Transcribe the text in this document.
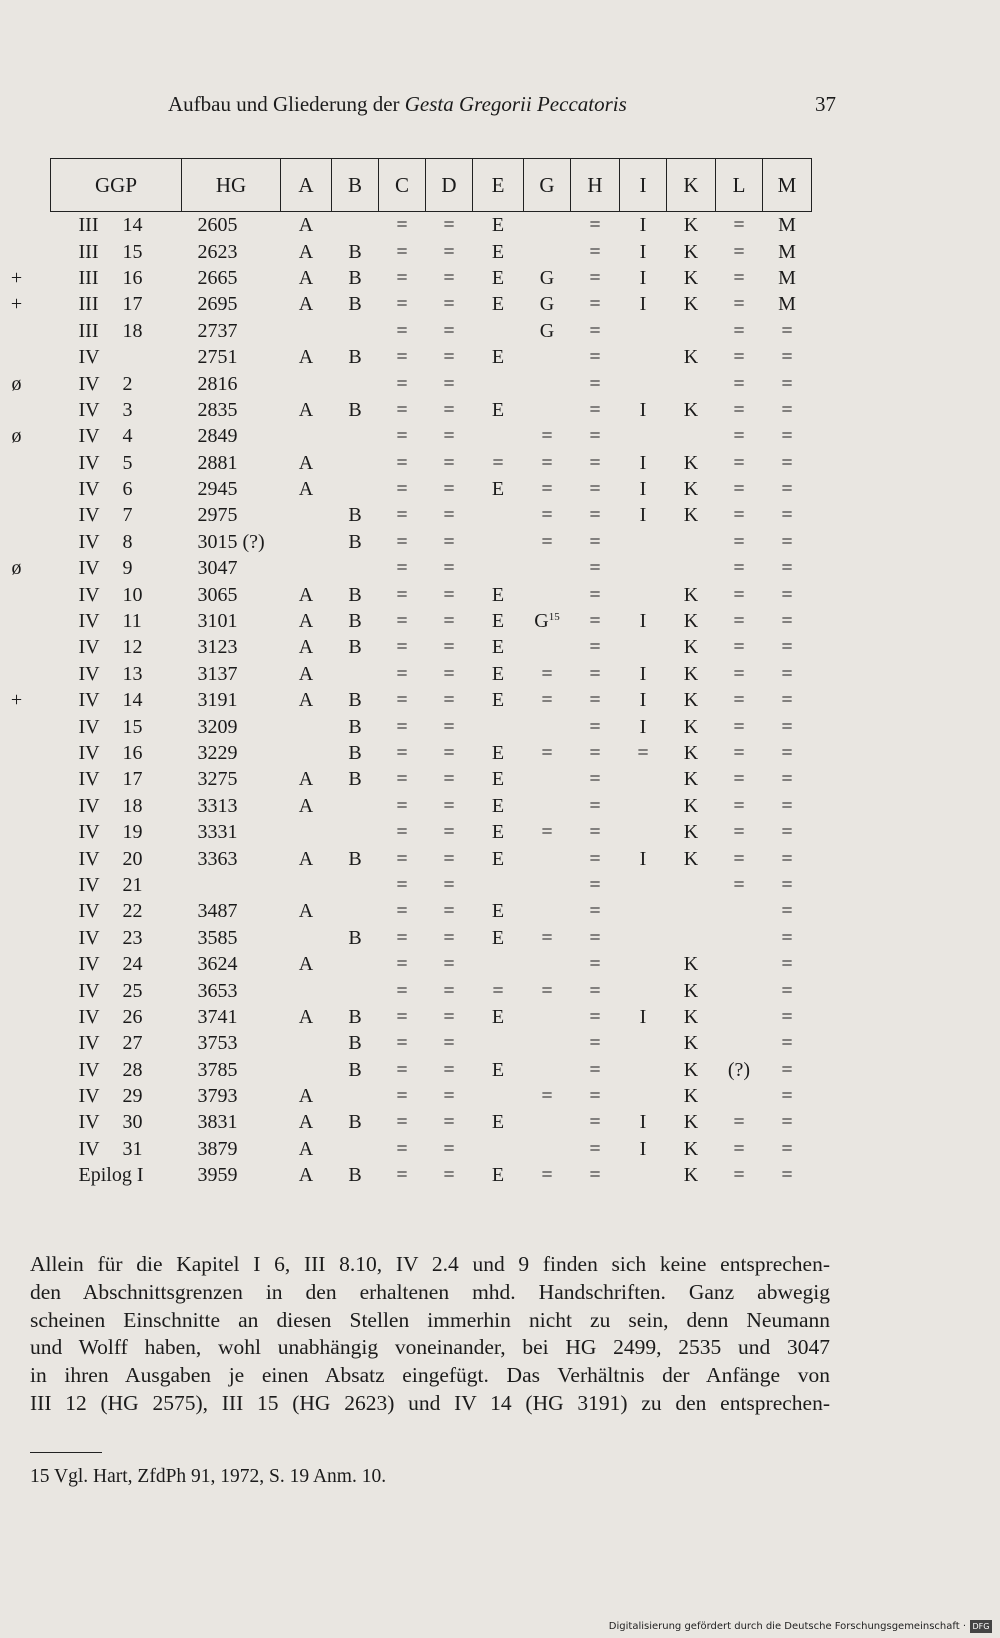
Aufbau und Gliederung der Gesta Gregorii Peccatoris	37
GGP	HG	A	B	C	D	E	G	H	I	K	L	M
III 14	2605	A		=	=	E		=	I	K	=	M
III 15	2623	A	B	=	=	E		=	I	K	=	M

+ III 16	2665	A	B	=	=	E	G	=	I	K	=	M

+ III 17	2695	A	B	=	=	E	G	=	I	K	=	M
III 18	2737			=	=		G	=			=	=
IV	2751	A	B	=	=	E		=		K	=	=

ø IV 2	2816			=	=			=			=	=
IV 3	2835	A	B	=	=	E		=	I	K	=	=

ø IV 4	2849			=	=		=	=			=	=
IV 5	2881	A		=	=	=	=	=	I	K	=	=
IV 6	2945	A		=	=	E	=	=	I	K	=	=
IV 7	2975		B	=	=		=	=	I	K	=	=
IV 8	3015 (?)		B	=	=		=	=			=	=

ø IV 9	3047			=	=			=			=	=
IV 10	3065	A	B	=	=	E		=		K	=	=
IV 11	3101	A	B	=	=	E	$G^{15}$	=	I	K	=	=
IV 12	3123	A	B	=	=	E		=		K	=	=
IV 13	3137	A		=	=	E	=	=	I	K	=	=

+ IV 14	3191	A	B	=	=	E	=	=	I	K	=	=
IV 15	3209		B	=	=			=	I	K	=	=
IV 16	3229		B	=	=	E	=	=	=	K	=	=
IV 17	3275	A	B	=	=	E		=		K	=	=
IV 18	3313	A		=	=	E		=		K	=	=
IV 19	3331			=	=	E	=	=		K	=	=
IV 20	3363	A	B	=	=	E		=	I	K	=	=
IV 21				=	=			=			=	=
IV 22	3487	A		=	=	E		=				=
IV 23	3585		B	=	=	E	=	=				=
IV 24	3624	A		=	=			=		K		=
IV 25	3653			=	=	=	=	=		K		=
IV 26	3741	A	B	=	=	E		=	I	K		=
IV 27	3753		B	=	=			=		K		=
IV 28	3785		B	=	=	E		=		K	(?)	=
IV 29	3793	A		=	=		=	=		K		=
IV 30	3831	A	B	=	=	E		=	I	K	=	=
IV 31	3879	A		=	=			=	I	K	=	=
Epilog I	3959	A	B	=	=	E	=	=		K	=	=

Allein für die Kapitel I 6, III 8.10, IV 2.4 und 9 finden sich keine entsprechen-

den Abschnittsgrenzen in den erhaltenen mhd. Handschriften. Ganz abwegig

scheinen Einschnitte an diesen Stellen immerhin nicht zu sein, denn Neumann

und Wolff haben, wohl unabhängig voneinander, bei HG 2499, 2535 und 3047

in ihren Ausgaben je einen Absatz eingefügt. Das Verhältnis der Anfänge von

III 12 (HG 2575), III 15 (HG 2623) und IV 14 (HG 3191) zu den entsprechen-

15 Vgl. Hart, ZfdPh 91, 1972, S. 19 Anm. 10.
Digitalisierung gefördert durch die Deutsche Forschungsgemeinschaft · DFG
